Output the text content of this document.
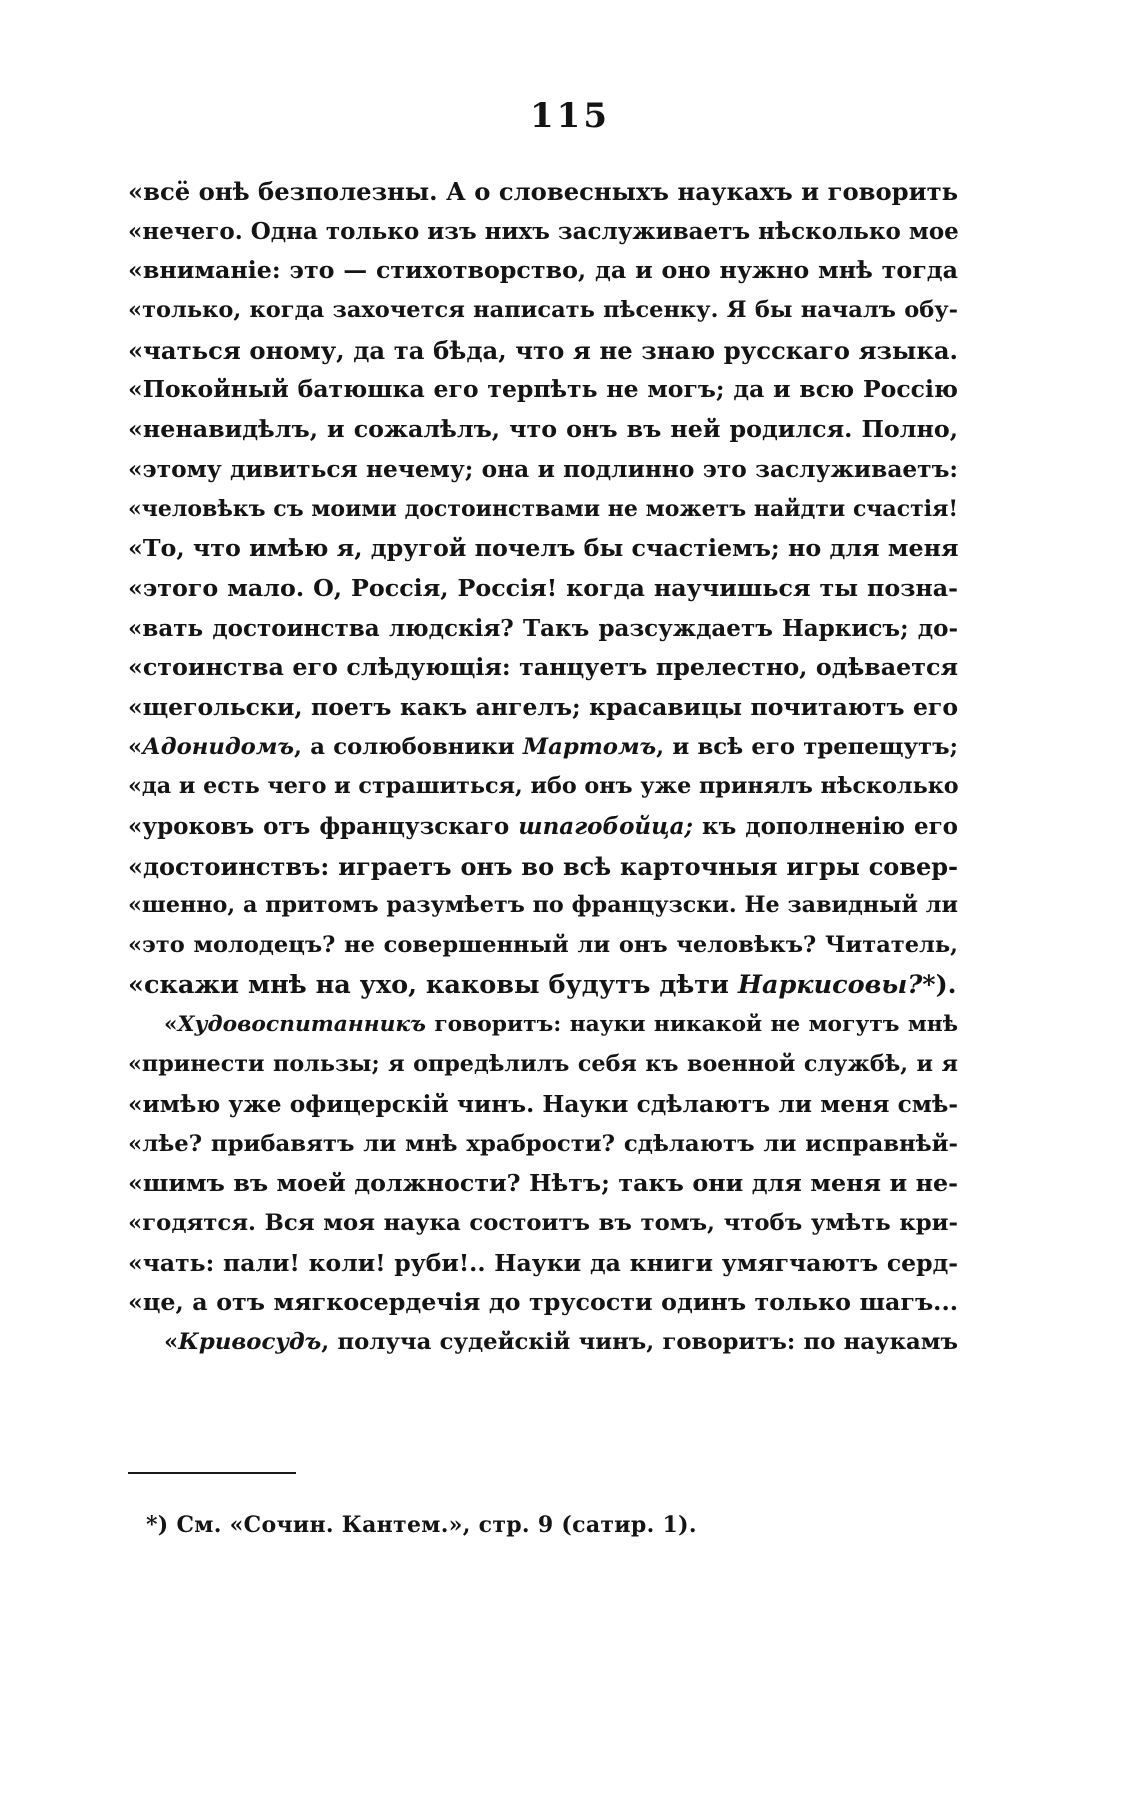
115
«всё онѣ безполезны. А о словесныхъ наукахъ и говорить
«нечего. Одна только изъ нихъ заслуживаетъ нѣсколько мое
«вниманіе: это — стихотворство, да и оно нужно мнѣ тогда
«только, когда захочется написать пѣсенку. Я бы началъ обу-
«чаться оному, да та бѣда, что я не знаю русскаго языка.
«Покойный батюшка его терпѣть не могъ; да и всю Россію
«ненавидѣлъ, и сожалѣлъ, что онъ въ ней родился. Полно,
«этому дивиться нечему; она и подлинно это заслуживаетъ:
«человѣкъ съ моими достоинствами не можетъ найдти счастія!
«То, что имѣю я, другой почелъ бы счастіемъ; но для меня
«этого мало. О, Россія, Россія! когда научишься ты позна-
«вать достоинства людскія? Такъ разсуждаетъ Наркисъ; до-
«стоинства его слѣдующія: танцуетъ прелестно, одѣвается
«щегольски, поетъ какъ ангелъ; красавицы почитаютъ его
«Адонидомъ, а солюбовники Мартомъ, и всѣ его трепещутъ;
«да и есть чего и страшиться, ибо онъ уже принялъ нѣсколько
«уроковъ отъ французскаго шпагобойца; къ дополненію его
«достоинствъ: играетъ онъ во всѣ карточныя игры совер-
«шенно, а притомъ разумѣетъ по французски. Не завидный ли
«это молодецъ? не совершенный ли онъ человѣкъ? Читатель,
«скажи мнѣ на ухо, каковы будутъ дѣти Наркисовы?*).
«Худовоспитанникъ говоритъ: науки никакой не могутъ мнѣ
«принести пользы; я опредѣлилъ себя къ военной службѣ, и я
«имѣю уже офицерскій чинъ. Науки сдѣлаютъ ли меня смѣ-
«лѣе? прибавятъ ли мнѣ храбрости? сдѣлаютъ ли исправнѣй-
«шимъ въ моей должности? Нѣтъ; такъ они для меня и не-
«годятся. Вся моя наука состоитъ въ томъ, чтобъ умѣть кри-
«чать: пали! коли! руби!.. Науки да книги умягчаютъ серд-
«це, а отъ мягкосердечія до трусости одинъ только шагъ...
«Кривосудъ, получа судейскій чинъ, говоритъ: по наукамъ
*) См. «Сочин. Кантем.», стр. 9 (сатир. 1).
